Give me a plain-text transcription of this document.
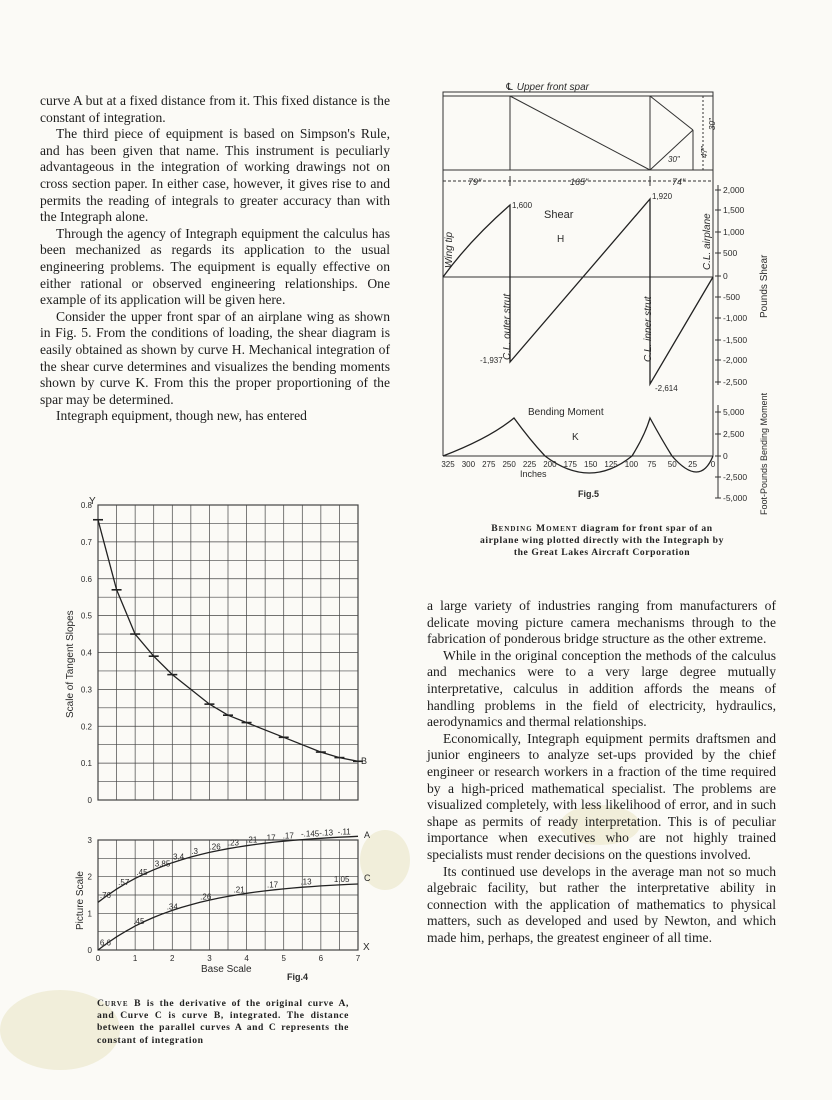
curve A but at a fixed distance from it. This fixed distance is the constant of integration.

The third piece of equipment is based on Simpson's Rule, and has been given that name. This instrument is peculiarly advantageous in the integration of working drawings not on cross section paper. In either case, however, it gives rise to and permits the reading of integrals to greater accuracy than with the Integraph alone.

Through the agency of Integraph equipment the calculus has been mechanized as regards its application to the usual engineering problems. The equipment is equally effective on either rational or observed engineering relationships. One example of its application will be given here.

Consider the upper front spar of an airplane wing as shown in Fig. 5. From the conditions of loading, the shear diagram is easily obtained as shown by curve H. Mechanical integration of the shear curve determines and visualizes the bending moments shown by curve K. From this the proper proportioning of the spar may be determined.

Integraph equipment, though new, has entered

a large variety of industries ranging from manufacturers of delicate moving picture camera mechanisms through to the fabrication of ponderous bridge structure as the other extreme.

While in the original conception the methods of the calculus and mechanics were to a very large degree mutually interpretative, calculus in addition affords the means of handling problems in the field of electricity, hydraulics, aerodynamics and thermal relationships.

Economically, Integraph equipment permits draftsmen and junior engineers to analyze set-ups provided by the chief engineer or research workers in a fraction of the time required by a high-priced mathematical specialist. The problems are visualized completely, with less likelihood of error, and in such shape as permits of ready interpretation. This is of peculiar importance when executives who are not highly trained specialists must render decisions on the questions involved.

Its continued use develops in the average man not so much algebraic facility, but rather the interpretative ability in connection with the application of mathematics to physical matters, such as developed and used by Newton, and which made him, perhaps, the greatest engineer of all time.

℄ Upper front spar
79"	165"	74"
30"
47"
30"
Wing tip
C.L. outer strut	C.L. inner strut
C.L. airplane
Shear
H
Bending Moment
K
1,600
1,920
-1,937
-2,614
2,000
1,500
1,000
500
0
-500
-1,000
-1,500
-2,000
-2,500
5,000
2,500
0
-2,500
-5,000
325 300 275 250 225 200 175 150 125 100 75 50 25 0
Inches
Fig.5
Pounds Shear
Foot-Pounds Bending Moment
Bending Moment diagram for front spar of an airplane wing plotted directly with the Integraph by the Great Lakes Aircraft Corporation
0.8
0.7
0.6
0.5
0.4
0.3
0.2
0.1
0
3
2
1
0
0	1	2	3	4	5	6	7
.76
.57
.45
3.85
3.4
.3
.26 .23 .21 .17 .17 -.145 -.13 -.11
6.6
.45
.34
.26
.21
.17	.13	1.05
Y
B
Scale of Tangent Slopes
Picture Scale
Base Scale
X
A
C
Fig.4
Curve B is the derivative of the original curve A, and Curve C is curve B, integrated. The distance between the parallel curves A and C represents the constant of integration
